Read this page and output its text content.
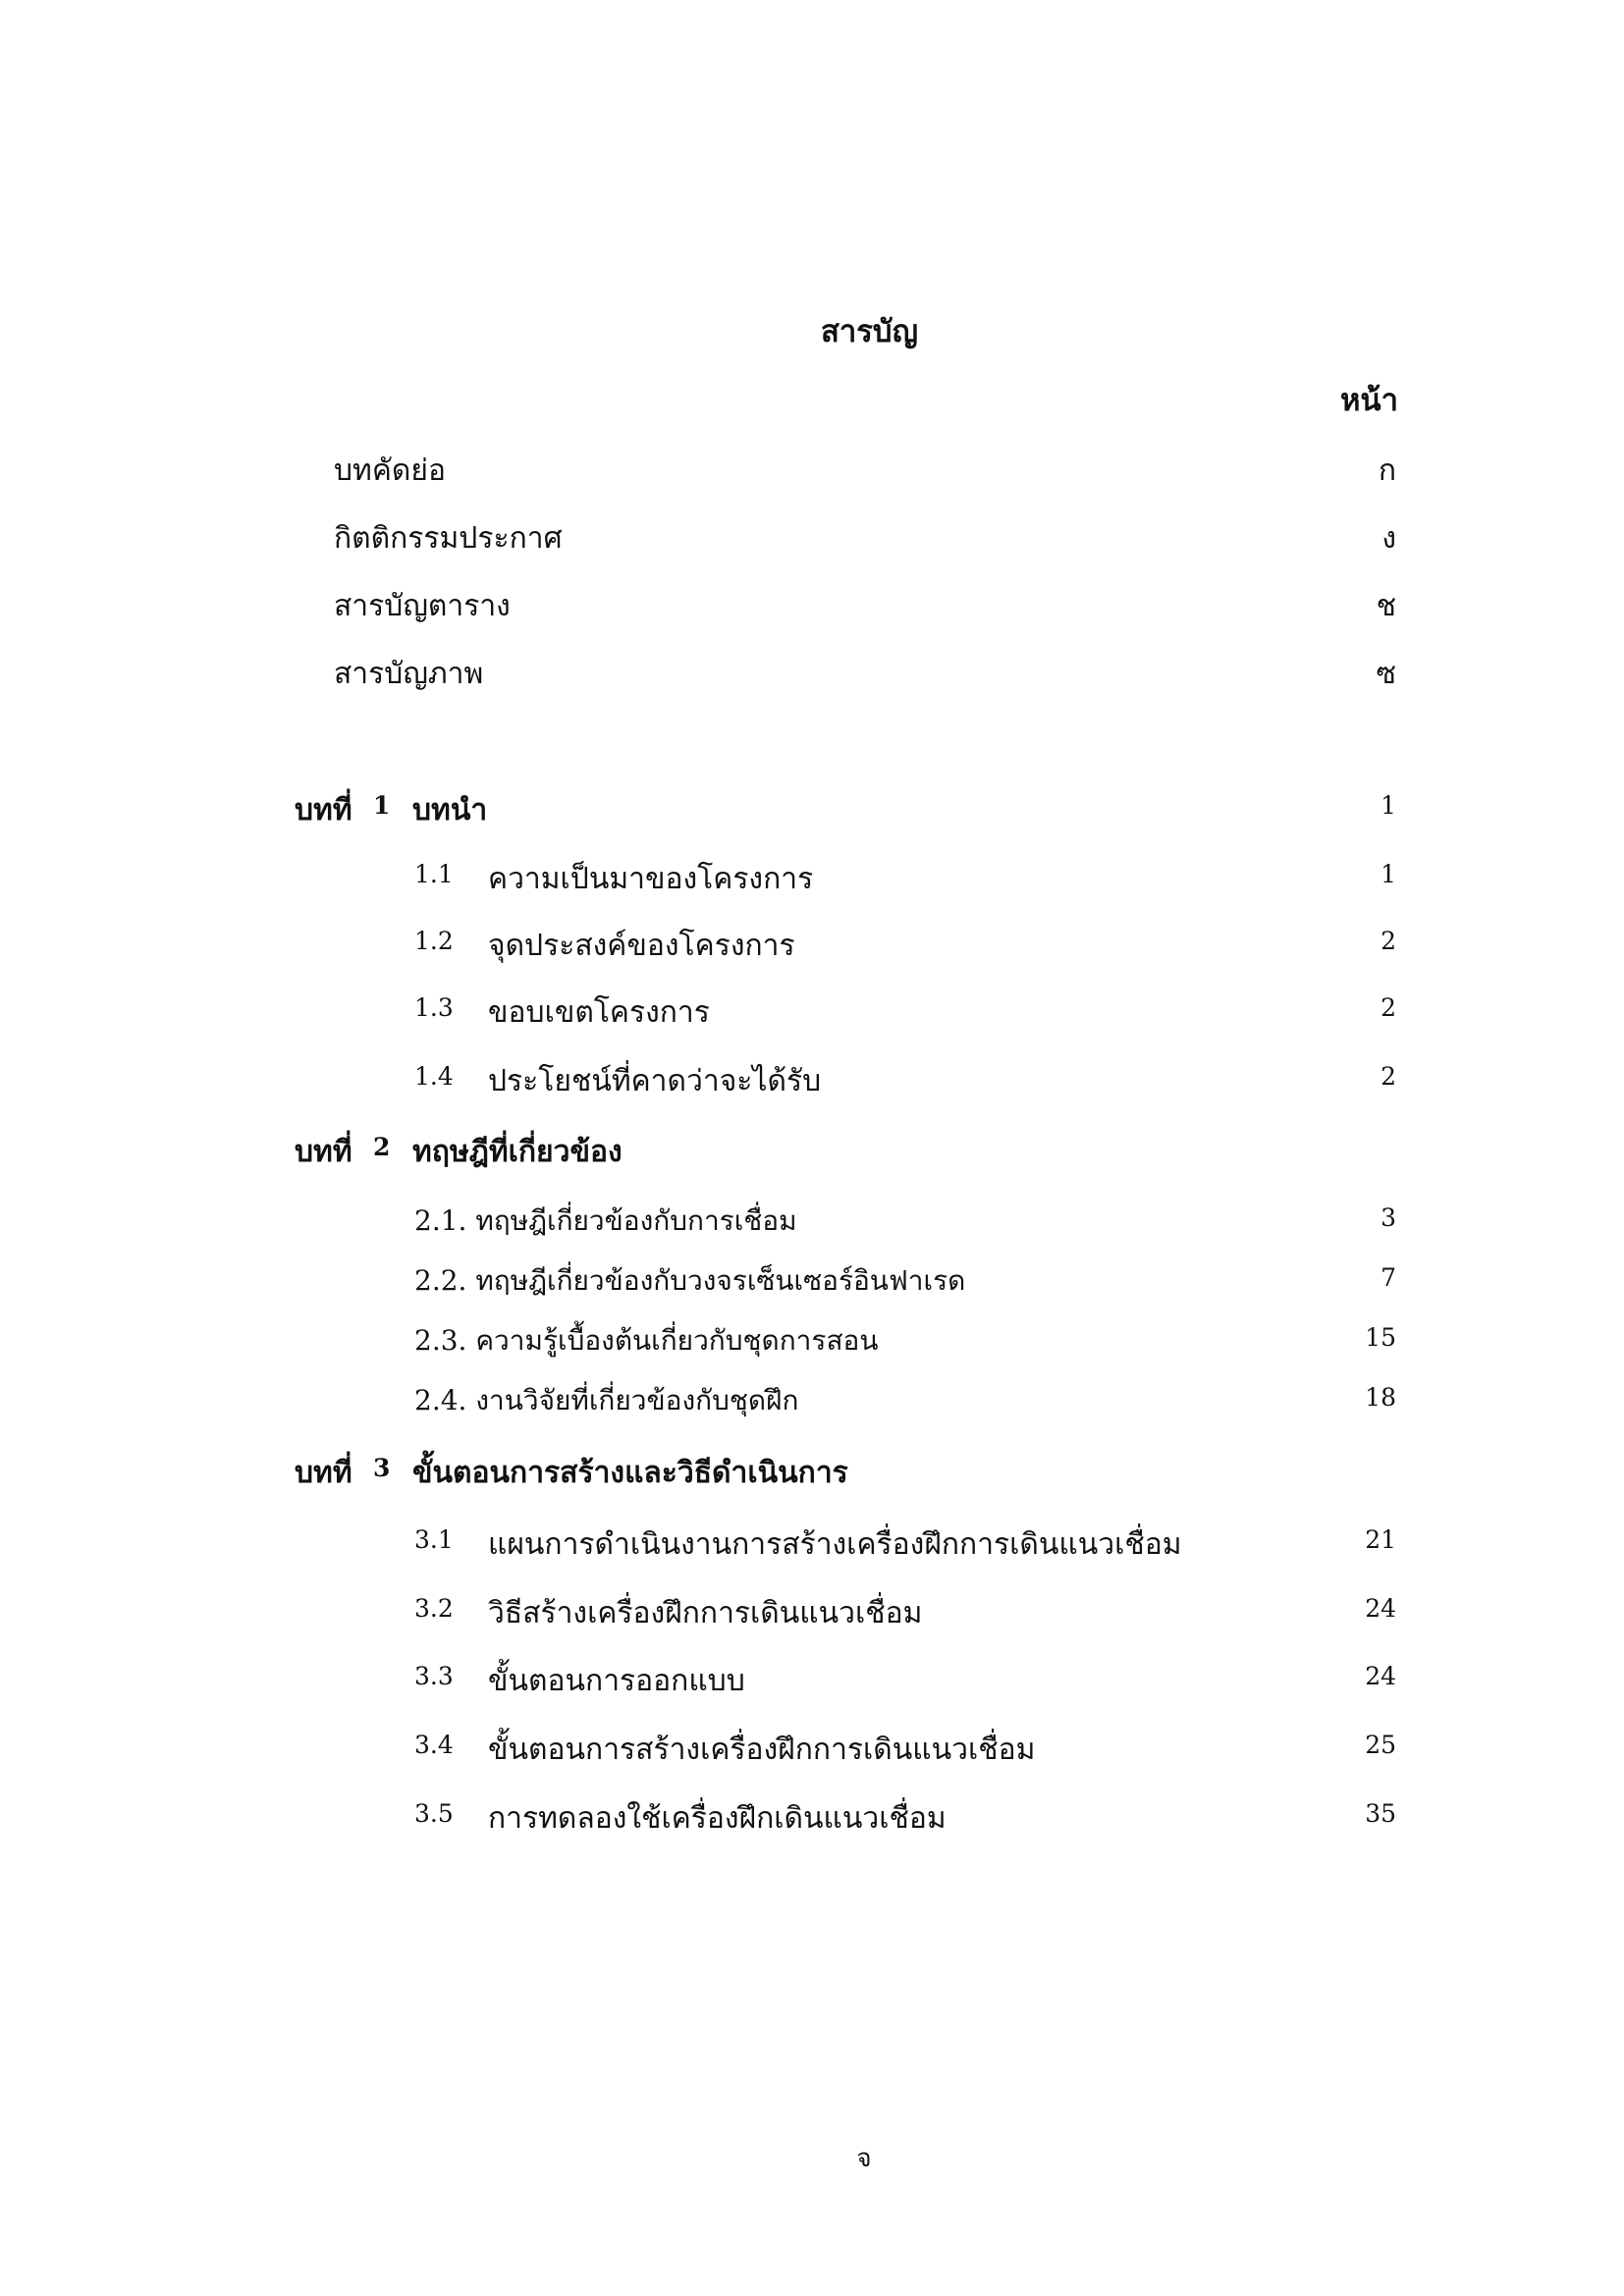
สารบัญ
หน้า
บทคัดย่อ	ก
กิตติกรรมประกาศ	ง
สารบัญตาราง	ช
สารบัญภาพ	ซ
บทที่ 1 บทนำ	1
1.1 ความเป็นมาของโครงการ	1
1.2 จุดประสงค์ของโครงการ	2
1.3 ขอบเขตโครงการ	2
1.4 ประโยชน์ที่คาดว่าจะได้รับ	2
บทที่ 2 ทฤษฎีที่เกี่ยวข้อง
2.1. ทฤษฎีเกี่ยวข้องกับการเชื่อม	3
2.2. ทฤษฎีเกี่ยวข้องกับวงจรเซ็นเซอร์อินฟาเรด	7
2.3. ความรู้เบื้องต้นเกี่ยวกับชุดการสอน	15
2.4. งานวิจัยที่เกี่ยวข้องกับชุดฝึก	18
บทที่ 3 ขั้นตอนการสร้างและวิธีดำเนินการ
3.1 แผนการดำเนินงานการสร้างเครื่องฝึกการเดินแนวเชื่อม	21
3.2 วิธีสร้างเครื่องฝึกการเดินแนวเชื่อม	24
3.3 ขั้นตอนการออกแบบ	24
3.4 ขั้นตอนการสร้างเครื่องฝึกการเดินแนวเชื่อม	25
3.5 การทดลองใช้เครื่องฝึกเดินแนวเชื่อม	35
จ
